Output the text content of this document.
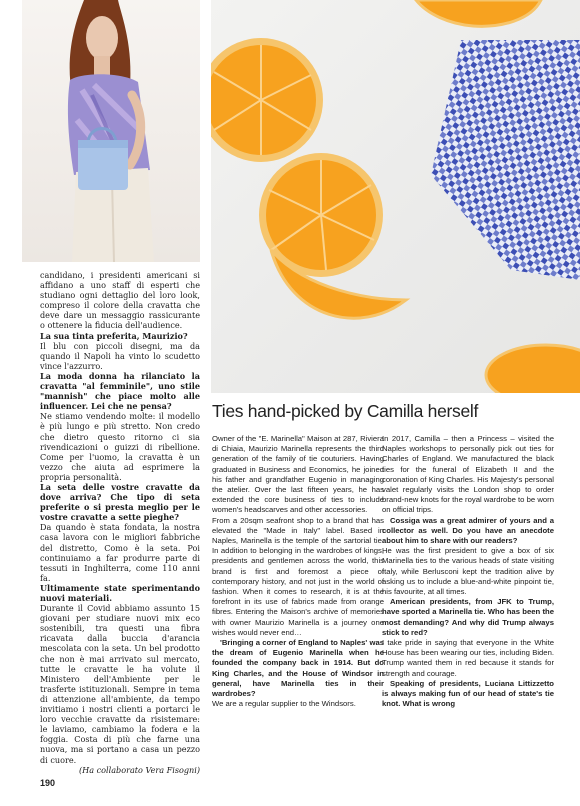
candidano, i presidenti americani si affidano a uno staff di esperti che studiano ogni dettaglio del loro look, compreso il colore della cravatta che deve dare un messaggio rassicurante o ottenere la fiducia dell'audience.

La sua tinta preferita, Maurizio?

Il blu con piccoli disegni, ma da quando il Napoli ha vinto lo scudetto vince l'azzurro.

La moda donna ha rilanciato la cravatta "al femminile", uno stile "mannish" che piace molto alle influencer. Lei che ne pensa?

Ne stiamo vendendo molte: il modello è più lungo e più stretto. Non credo che dietro questo ritorno ci sia rivendicazioni o guizzi di ribellione. Come per l'uomo, la cravatta è un vezzo che aiuta ad esprimere la propria personalità.

La seta delle vostre cravatte da dove arriva? Che tipo di seta preferite o si presta meglio per le vostre cravatte a sette pieghe?

Da quando è stata fondata, la nostra casa lavora con le migliori fabbriche del distretto, Como è la seta. Poi continuiamo a far produrre parte di tessuti in Inghilterra, come 110 anni fa.

Ultimamente state sperimentando nuovi materiali.

Durante il Covid abbiamo assunto 15 giovani per studiare nuovi mix eco sostenibili, tra questi una fibra ricavata dalla buccia d'arancia mescolata con la seta. Un bel prodotto che non è mai arrivato sul mercato, tutte le cravatte le ha volute il Ministero dell'Ambiente per le trasferte istituzionali. Sempre in tema di attenzione all'ambiente, da tempo invitiamo i nostri clienti a portarci le loro vecchie cravatte da risistemare: le laviamo, cambiamo la fodera e la foggia. Costa di più che farne una nuova, ma si portano a casa un pezzo di cuore.

(Ha collaborato Vera Fisogni)

Ties hand-picked by Camilla herself

Owner of the "E. Marinella" Maison at 287, Riviera di Chiaia, Maurizio Marinella represents the third generation of the family of tie couturiers. Having graduated in Business and Economics, he joined his father and grandfather Eugenio in managing the atelier. Over the last fifteen years, he has extended the core business of ties to include women's headscarves and other accessories.

From a 20sqm seafront shop to a brand that has elevated the "Made in Italy" label. Based in Naples, Marinella is the temple of the sartorial tie. In addition to belonging in the wardrobes of kings, presidents and gentlemen across the world, this brand is first and foremost a piece of contemporary history, and not just in the world of fashion. When it comes to research, it is at the forefront in its use of fabrics made from orange fibres. Entering the Maison's archive of memories with owner Maurizio Marinella is a journey one wishes would never end…

'Bringing a corner of England to Naples' was the dream of Eugenio Marinella when he founded the company back in 1914. But do King Charles, and the House of Windsor in general, have Marinella ties in their wardrobes?

We are a regular supplier to the Windsors.

In 2017, Camilla – then a Princess – visited the Naples workshops to personally pick out ties for Charles of England. We manufactured the black ties for the funeral of Elizabeth II and the coronation of King Charles. His Majesty's personal valet regularly visits the London shop to order brand-new knots for the royal wardrobe to be worn on official trips.

Cossiga was a great admirer of yours and a collector as well. Do you have an anecdote about him to share with our readers?

He was the first president to give a box of six Marinella ties to the various heads of state visiting Italy, while Berlusconi kept the tradition alive by asking us to include a blue-and-white pinpoint tie, his favourite, at all times.

American presidents, from JFK to Trump, have sported a Marinella tie. Who has been the most demanding? And why did Trump always stick to red?

I take pride in saying that everyone in the White House has been wearing our ties, including Biden. Trump wanted them in red because it stands for strength and courage.

Speaking of presidents, Luciana Littizzetto is always making fun of our head of state's tie knot. What is wrong

190
